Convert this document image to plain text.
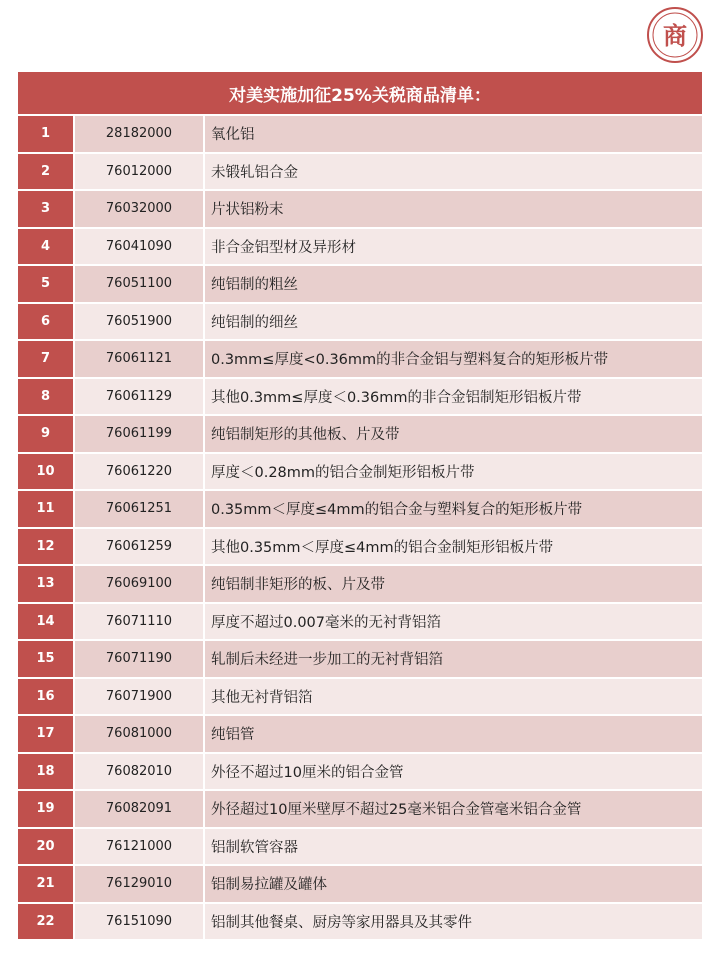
商
对美实施加征25%关税商品清单：
1	28182000	氧化铝
2	76012000	未锻轧铝合金
3	76032000	片状铝粉末
4	76041090	非合金铝型材及异形材
5	76051100	纯铝制的粗丝
6	76051900	纯铝制的细丝
7	76061121	0.3mm≤厚度<0.36mm的非合金铝与塑料复合的矩形板片带
8	76061129	其他0.3mm≤厚度＜0.36mm的非合金铝制矩形铝板片带
9	76061199	纯铝制矩形的其他板、片及带
10	76061220	厚度＜0.28mm的铝合金制矩形铝板片带
11	76061251	0.35mm＜厚度≤4mm的铝合金与塑料复合的矩形板片带
12	76061259	其他0.35mm＜厚度≤4mm的铝合金制矩形铝板片带
13	76069100	纯铝制非矩形的板、片及带
14	76071110	厚度不超过0.007毫米的无衬背铝箔
15	76071190	轧制后未经进一步加工的无衬背铝箔
16	76071900	其他无衬背铝箔
17	76081000	纯铝管
18	76082010	外径不超过10厘米的铝合金管
19	76082091	外径超过10厘米壁厚不超过25毫米铝合金管毫米铝合金管
20	76121000	铝制软管容器
21	76129010	铝制易拉罐及罐体
22	76151090	铝制其他餐桌、厨房等家用器具及其零件
